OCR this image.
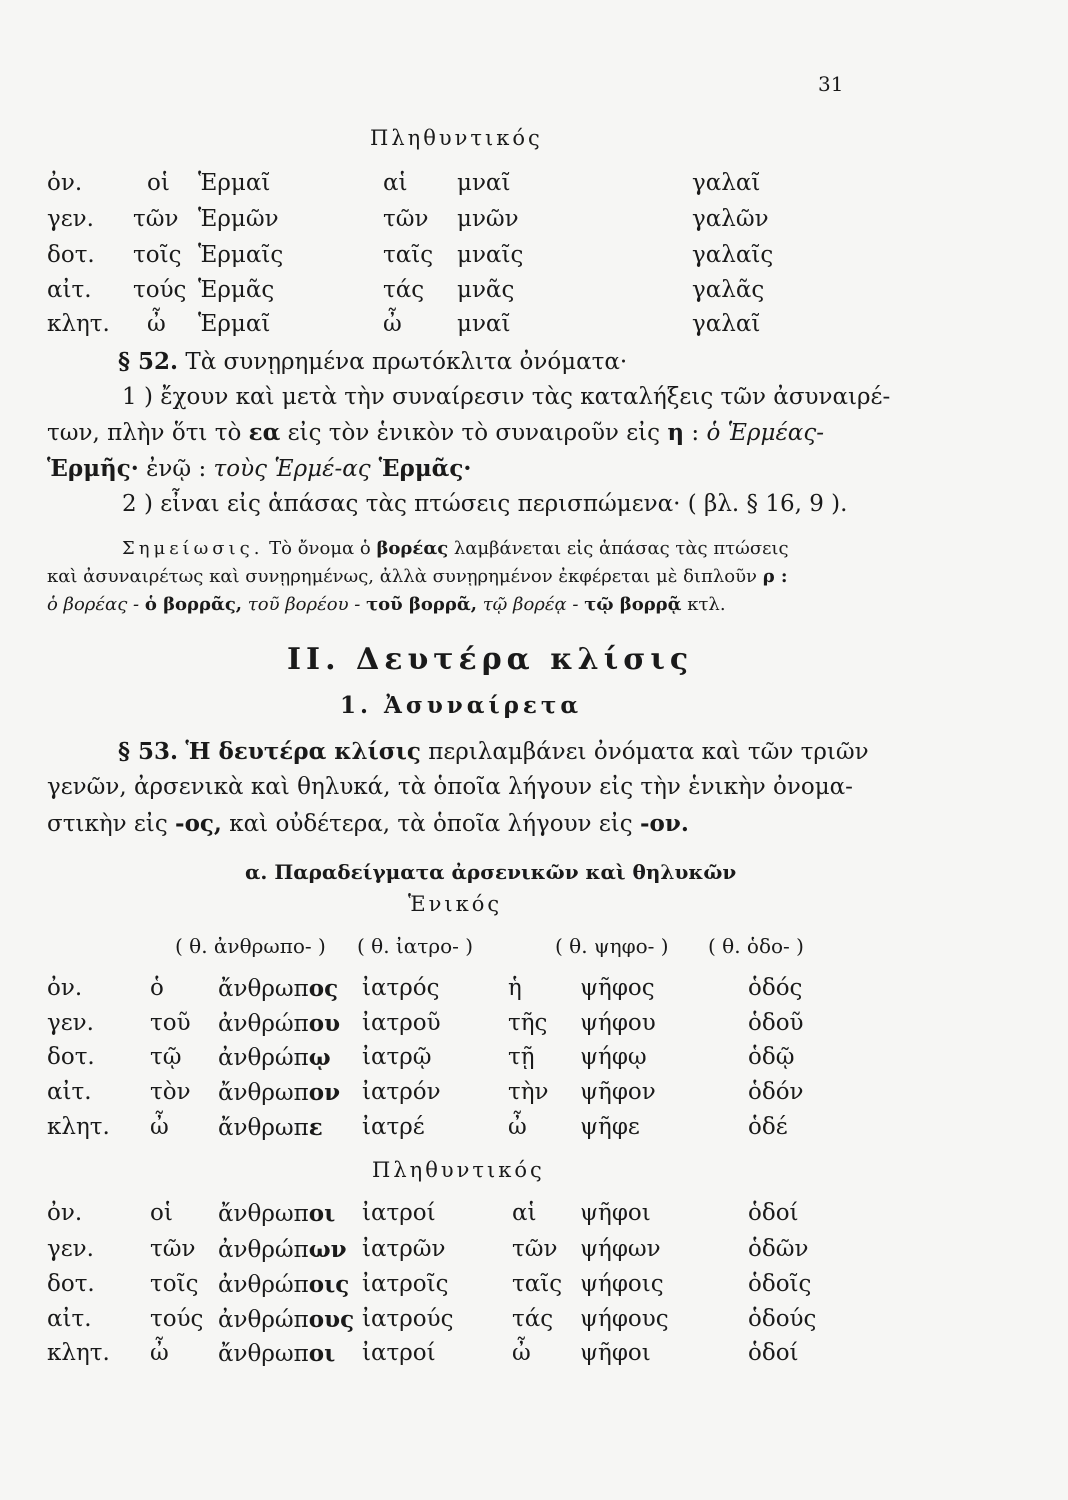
31
Πληθυντικός
ὀν.	οἱ Ἑρμαῖ	αἱ μναῖ	γαλαῖ
γεν. τῶν Ἑρμῶν	τῶν μνῶν	γαλῶν
δοτ. τοῖς Ἑρμαῖς	ταῖς μναῖς	γαλαῖς
αἰτ. τούς Ἑρμᾶς	τάς μνᾶς	γαλᾶς
κλητ. ὦ Ἑρμαῖ	ὦ μναῖ	γαλαῖ
§ 52. Τὰ συνῃρημένα πρωτόκλιτα ὀνόματα·
1 ) ἔχουν καὶ μετὰ τὴν συναίρεσιν τὰς καταλήξεις τῶν ἀσυναιρέ-
των, πλὴν ὅτι τὸ εα εἰς τὸν ἑνικὸν τὸ συναιροῦν εἰς η : ὁ Ἑρμέας-
Ἑρμῆς· ἐνῷ : τοὺς Ἑρμέ-ας Ἑρμᾶς·
2 ) εἶναι εἰς ἁπάσας τὰς πτώσεις περισπώμενα· ( βλ. § 16, 9 ).
Σημείωσις. Τὸ ὄνομα ὁ βορέας λαμβάνεται εἰς ἁπάσας τὰς πτώσεις
καὶ ἀσυναιρέτως καὶ συνῃρημένως, ἀλλὰ συνῃρημένον ἐκφέρεται μὲ διπλοῦν ρ :
ὁ βορέας - ὁ βορρᾶς, τοῦ βορέου - τοῦ βορρᾶ, τῷ βορέᾳ - τῷ βορρᾷ κτλ.
II. Δευτέρα κλίσις
1. Ἀσυναίρετα
§ 53. Ἡ δευτέρα κλίσις περιλαμβάνει ὀνόματα καὶ τῶν τριῶν
γενῶν, ἀρσενικὰ καὶ θηλυκά, τὰ ὁποῖα λήγουν εἰς τὴν ἑνικὴν ὀνομα-
στικὴν εἰς -ος, καὶ οὐδέτερα, τὰ ὁποῖα λήγουν εἰς -ον.
α. Παραδείγματα ἀρσενικῶν καὶ θηλυκῶν
Ἑνικός
( θ. ἀνθρωπο- ) ( θ. ἰατρο- )	( θ. ψηφο- ) ( θ. ὁδο- )
ὀν.	ὁ ἄνθρωπος ἰατρός	ἡ	ψῆφος	ὁδός
γεν. τοῦ ἀνθρώπου ἰατροῦ	τῆς ψήφου	ὁδοῦ
δοτ. τῷ ἀνθρώπῳ ἰατρῷ	τῇ ψήφῳ	ὁδῷ
αἰτ.	τὸν ἄνθρωπον ἰατρόν	τὴν ψῆφον	ὁδόν
κλητ. ὦ ἄνθρωπε ἰατρέ	ὦ ψῆφε	ὁδέ
Πληθυντικός
ὀν.	οἱ ἄνθρωποι ἰατροί	αἱ ψῆφοι	ὁδοί
γεν. τῶν ἀνθρώπων ἰατρῶν	τῶν ψήφων	ὁδῶν
δοτ. τοῖς ἀνθρώποις ἰατροῖς	ταῖς ψήφοις	ὁδοῖς
αἰτ.	τούς ἀνθρώπους ἰατρούς	τάς ψήφους	ὁδούς
κλητ. ὦ ἄνθρωποι ἰατροί	ὦ ψῆφοι	ὁδοί
